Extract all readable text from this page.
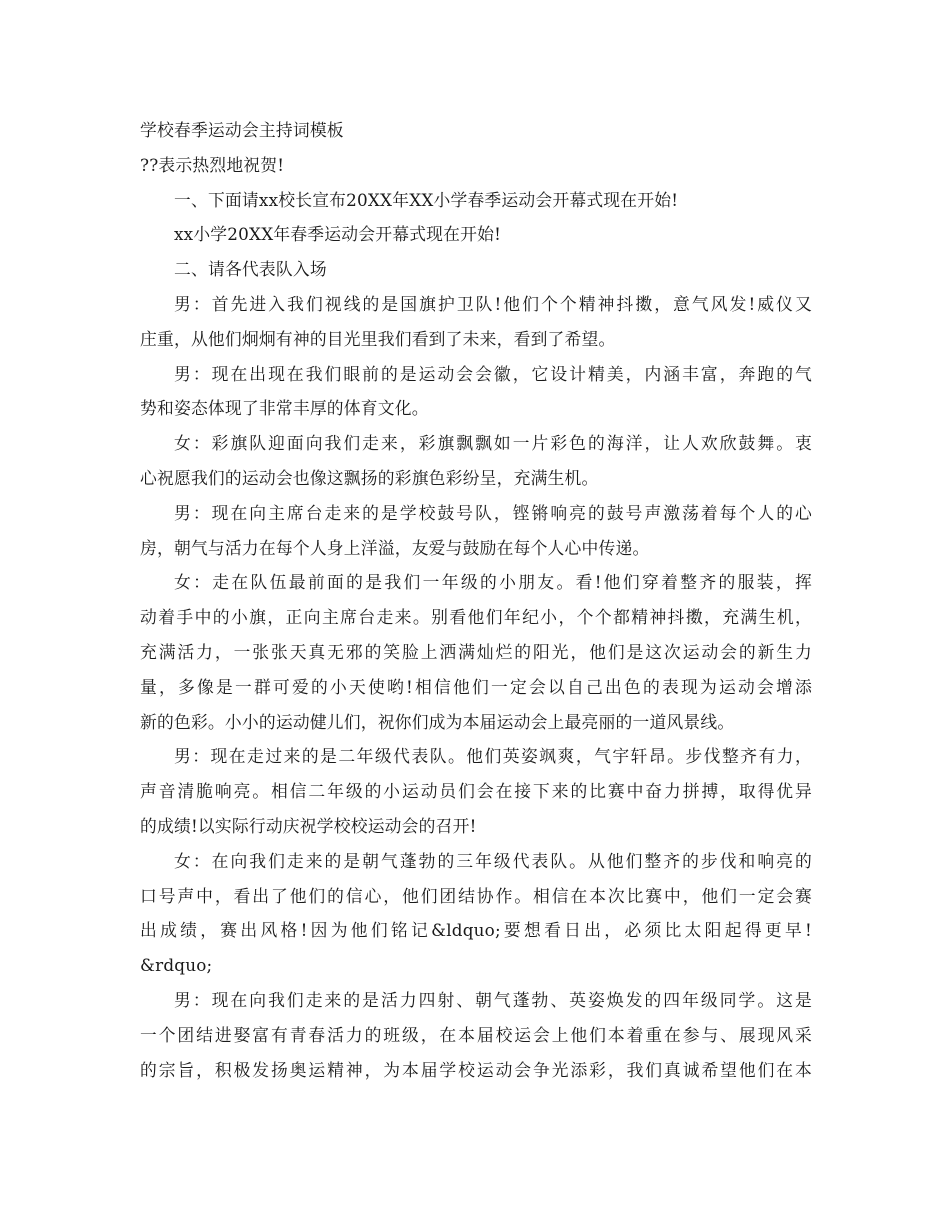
学校春季运动会主持词模板

??表示热烈地祝贺!

一、下面请xx校长宣布20XX年XX小学春季运动会开幕式现在开始!

xx小学20XX年春季运动会开幕式现在开始!

二、请各代表队入场

男：首先进入我们视线的是国旗护卫队!他们个个精神抖擞，意气风发!威仪又

庄重，从他们炯炯有神的目光里我们看到了未来，看到了希望。

男：现在出现在我们眼前的是运动会会徽，它设计精美，内涵丰富，奔跑的气

势和姿态体现了非常丰厚的体育文化。

女：彩旗队迎面向我们走来，彩旗飘飘如一片彩色的海洋，让人欢欣鼓舞。衷

心祝愿我们的运动会也像这飘扬的彩旗色彩纷呈，充满生机。

男：现在向主席台走来的是学校鼓号队，铿锵响亮的鼓号声激荡着每个人的心

房，朝气与活力在每个人身上洋溢，友爱与鼓励在每个人心中传递。

女：走在队伍最前面的是我们一年级的小朋友。看!他们穿着整齐的服装，挥

动着手中的小旗，正向主席台走来。别看他们年纪小，个个都精神抖擞，充满生机，

充满活力，一张张天真无邪的笑脸上洒满灿烂的阳光，他们是这次运动会的新生力

量，多像是一群可爱的小天使哟!相信他们一定会以自己出色的表现为运动会增添

新的色彩。小小的运动健儿们，祝你们成为本届运动会上最亮丽的一道风景线。

男：现在走过来的是二年级代表队。他们英姿飒爽，气宇轩昂。步伐整齐有力，

声音清脆响亮。相信二年级的小运动员们会在接下来的比赛中奋力拼搏，取得优异

的成绩!以实际行动庆祝学校校运动会的召开!

女：在向我们走来的是朝气蓬勃的三年级代表队。从他们整齐的步伐和响亮的

口号声中，看出了他们的信心，他们团结协作。相信在本次比赛中，他们一定会赛

出成绩，赛出风格!因为他们铭记&ldquo;要想看日出，必须比太阳起得更早!

&rdquo;

男：现在向我们走来的是活力四射、朝气蓬勃、英姿焕发的四年级同学。这是

一个团结进娶富有青春活力的班级，在本届校运会上他们本着重在参与、展现风采

的宗旨，积极发扬奥运精神，为本届学校运动会争光添彩，我们真诚希望他们在本
